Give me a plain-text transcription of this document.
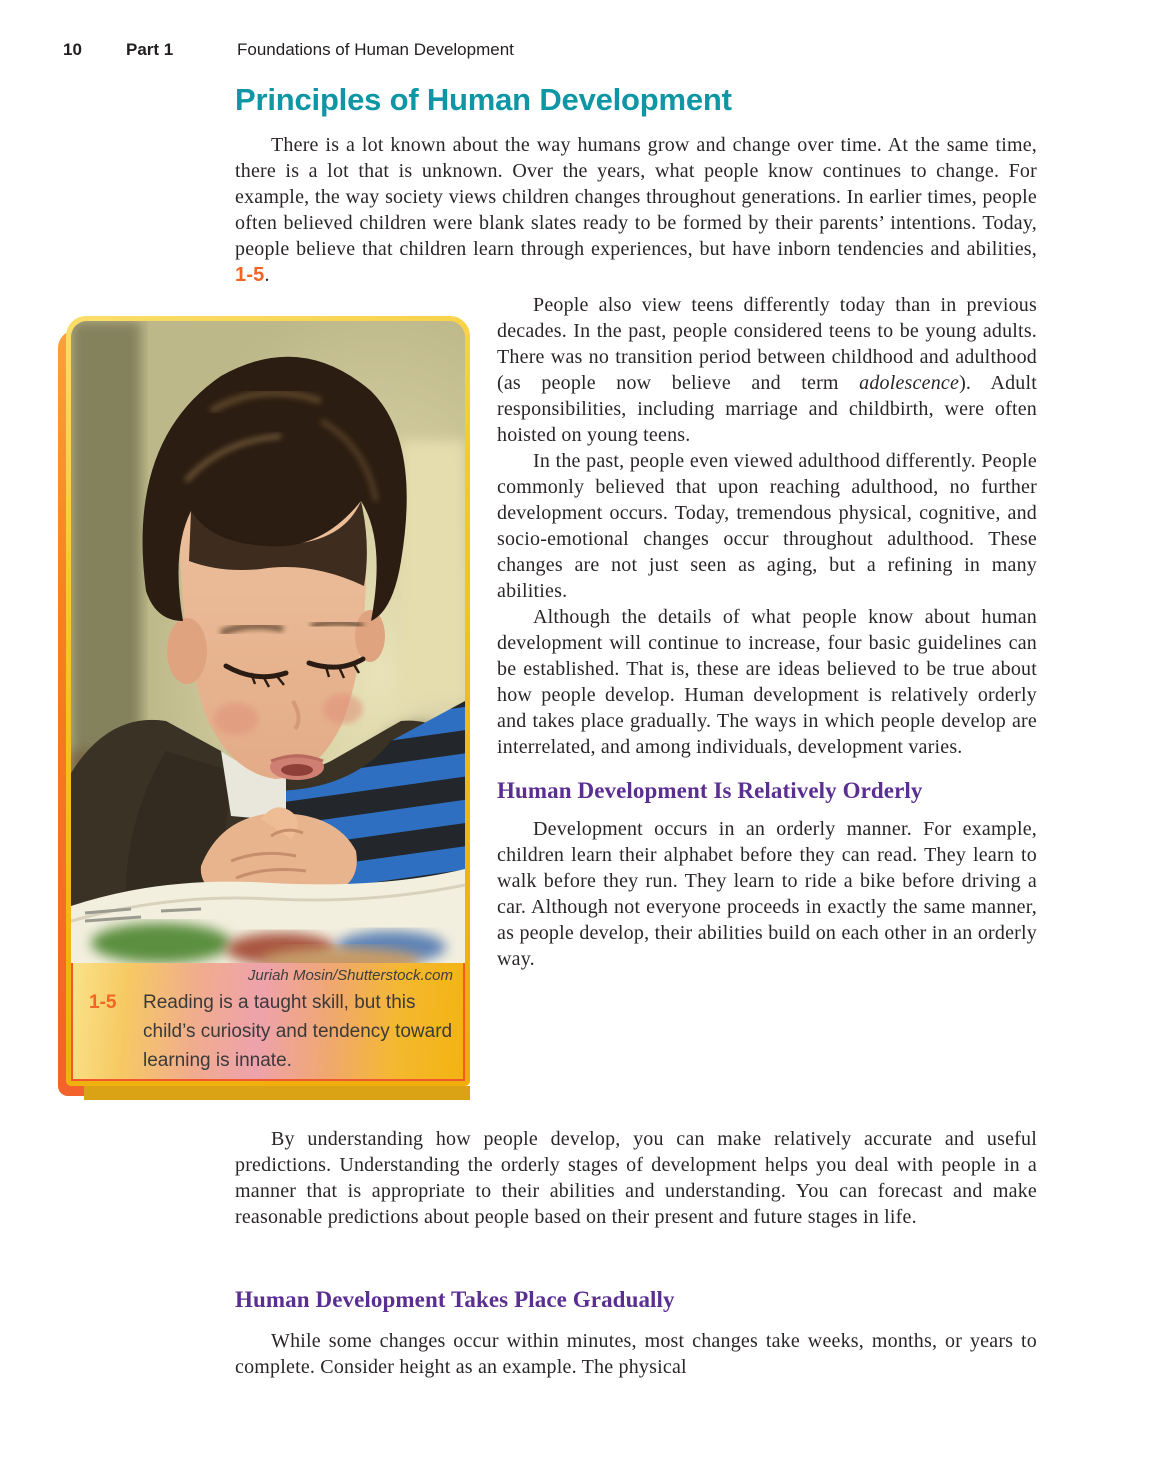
10	Part 1	Foundations of Human Development
Principles of Human Development

There is a lot known about the way humans grow and change over time. At the same time, there is a lot that is unknown. Over the years, what people know continues to change. For example, the way society views children changes throughout generations. In earlier times, people often believed children were blank slates ready to be formed by their parents’ intentions. Today, people believe that children learn through experiences, but have inborn tendencies and abilities, 1-5.

Juriah Mosin/Shutterstock.com
1-5	Reading is a taught skill, but this child’s curiosity and tendency toward learning is innate.

People also view teens differently today than in previous decades. In the past, people considered teens to be young adults. There was no transition period between childhood and adulthood (as people now believe and term adolescence). Adult responsibilities, including marriage and childbirth, were often hoisted on young teens.

In the past, people even viewed adulthood differently. People commonly believed that upon reaching adulthood, no further development occurs. Today, tremendous physical, cognitive, and socio-emotional changes occur throughout adulthood. These changes are not just seen as aging, but a refining in many abilities.

Although the details of what people know about human development will continue to increase, four basic guidelines can be established. That is, these are ideas believed to be true about how people develop. Human development is relatively orderly and takes place gradually. The ways in which people develop are interrelated, and among individuals, development varies.

Human Development Is Relatively Orderly

Development occurs in an orderly manner. For example, children learn their alphabet before they can read. They learn to walk before they run. They learn to ride a bike before driving a car. Although not everyone proceeds in exactly the same manner, as people develop, their abilities build on each other in an orderly way.

By understanding how people develop, you can make relatively accurate and useful predictions. Understanding the orderly stages of development helps you deal with people in a manner that is appropriate to their abilities and understanding. You can forecast and make reasonable predictions about people based on their present and future stages in life.

Human Development Takes Place Gradually

While some changes occur within minutes, most changes take weeks, months, or years to complete. Consider height as an example. The physical
